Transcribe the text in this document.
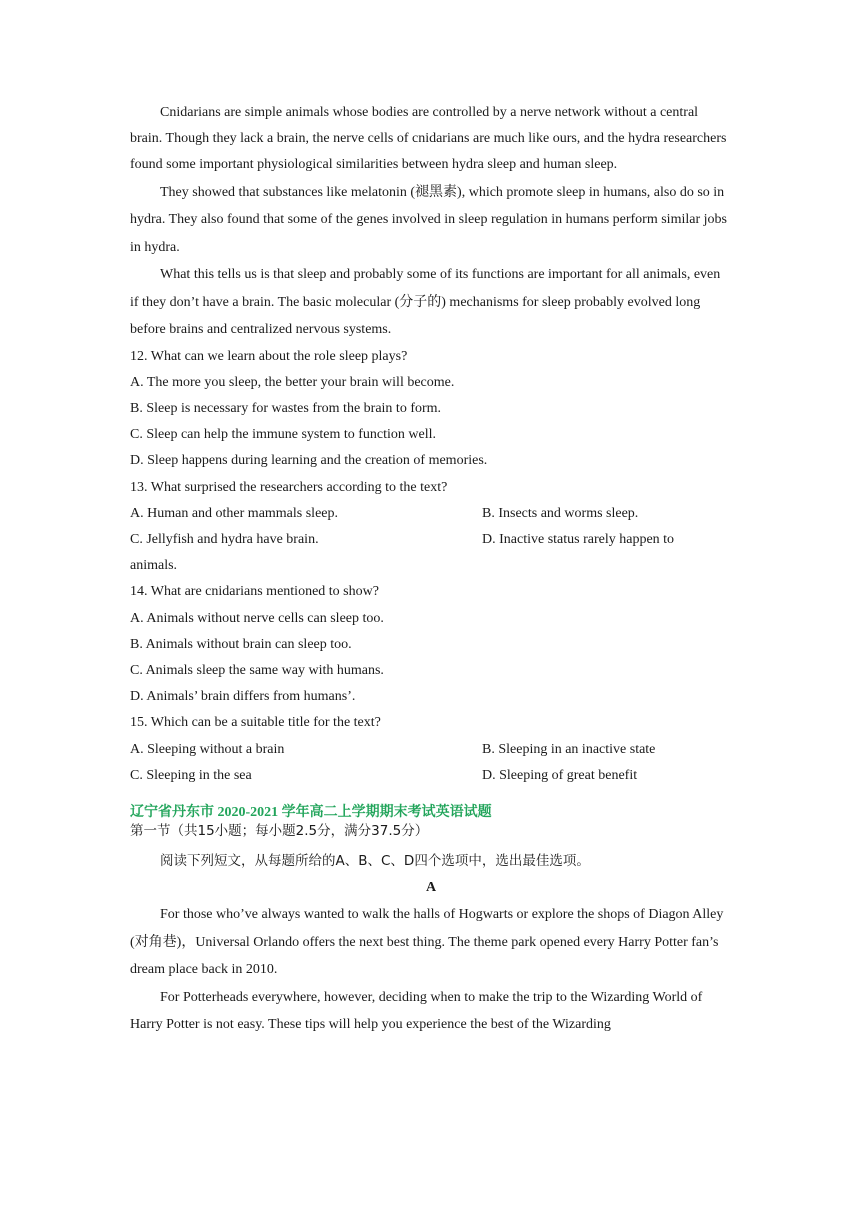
Cnidarians are simple animals whose bodies are controlled by a nerve network without a central brain. Though they lack a brain, the nerve cells of cnidarians are much like ours, and the hydra researchers found some important physiological similarities between hydra sleep and human sleep.

They showed that substances like melatonin (褪黑素), which promote sleep in humans, also do so in hydra. They also found that some of the genes involved in sleep regulation in humans perform similar jobs in hydra.

What this tells us is that sleep and probably some of its functions are important for all animals, even if they don’t have a brain. The basic molecular (分子的) mechanisms for sleep probably evolved long before brains and centralized nervous systems.

12. What can we learn about the role sleep plays?

A. The more you sleep, the better your brain will become.

B. Sleep is necessary for wastes from the brain to form.

C. Sleep can help the immune system to function well.

D. Sleep happens during learning and the creation of memories.

13. What surprised the researchers according to the text?

A. Human and other mammals sleep.	B. Insects and worms sleep.
C. Jellyfish and hydra have brain.	D. Inactive status rarely happen to

animals.

14. What are cnidarians mentioned to show?

A. Animals without nerve cells can sleep too.

B. Animals without brain can sleep too.

C. Animals sleep the same way with humans.

D. Animals’ brain differs from humans’.

15. Which can be a suitable title for the text?

A. Sleeping without a brain	B. Sleeping in an inactive state
C. Sleeping in the sea	D. Sleeping of great benefit

辽宁省丹东市 2020-2021 学年高二上学期期末考试英语试题

第一节（共15小题；每小题2.5分，满分37.5分）

阅读下列短文，从每题所给的A、B、C、D四个选项中，选出最佳选项。

A

For those who’ve always wanted to walk the halls of Hogwarts or explore the shops of Diagon Alley (对角巷)，Universal Orlando offers the next best thing. The theme park opened every Harry Potter fan’s dream place back in 2010.

For Potterheads everywhere, however, deciding when to make the trip to the Wizarding World of Harry Potter is not easy. These tips will help you experience the best of the Wizarding
